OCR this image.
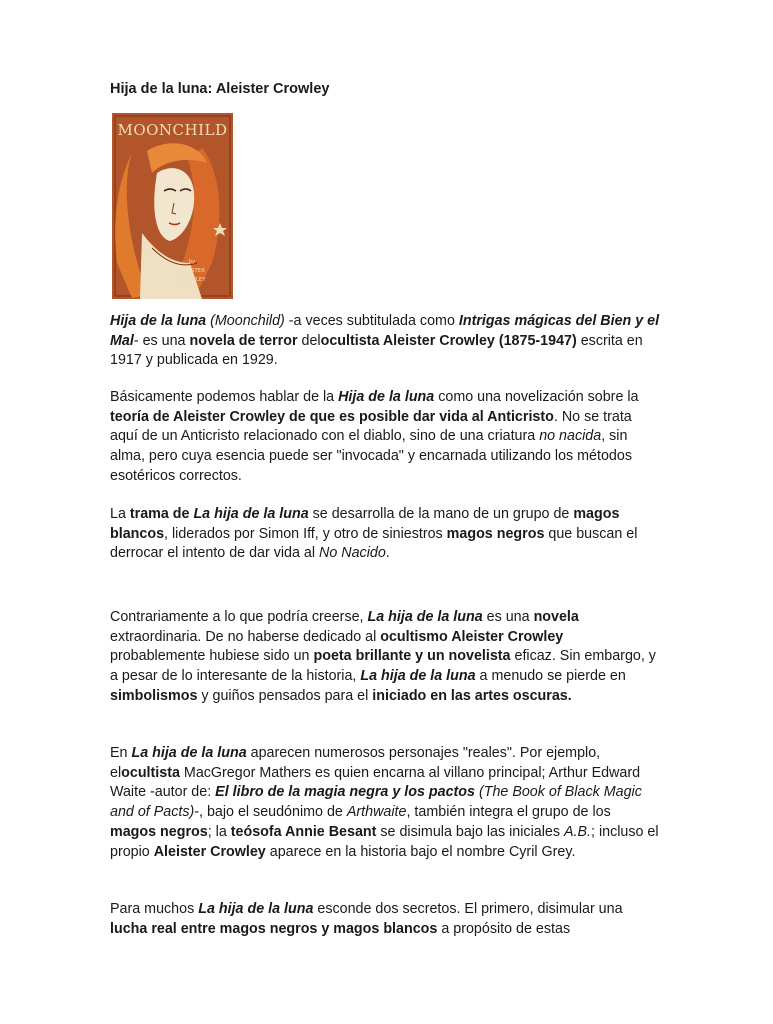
Hija de la luna: Aleister Crowley
MOONCHILD
by
ALEISTER
CROWLEY

Hija de la luna (Moonchild) -a veces subtitulada como Intrigas mágicas del Bien y el Mal- es una novela de terror delocultista Aleister Crowley (1875-1947) escrita en 1917 y publicada en 1929.

Básicamente podemos hablar de la Hija de la luna como una novelización sobre la teoría de Aleister Crowley de que es posible dar vida al Anticristo. No se trata aquí de un Anticristo relacionado con el diablo, sino de una criatura no nacida, sin alma, pero cuya esencia puede ser "invocada" y encarnada utilizando los métodos esotéricos correctos.

La trama de La hija de la luna se desarrolla de la mano de un grupo de magos blancos, liderados por Simon Iff, y otro de siniestros magos negros que buscan el derrocar el intento de dar vida al No Nacido.

Contrariamente a lo que podría creerse, La hija de la luna es una novela extraordinaria. De no haberse dedicado al ocultismo Aleister Crowley probablemente hubiese sido un poeta brillante y un novelista eficaz. Sin embargo, y a pesar de lo interesante de la historia, La hija de la luna a menudo se pierde en simbolismos y guiños pensados para el iniciado en las artes oscuras.

En La hija de la luna aparecen numerosos personajes "reales". Por ejemplo, elocultista MacGregor Mathers es quien encarna al villano principal; Arthur Edward Waite -autor de: El libro de la magia negra y los pactos (The Book of Black Magic and of Pacts)-, bajo el seudónimo de Arthwaite, también integra el grupo de los magos negros; la teósofa Annie Besant se disimula bajo las iniciales A.B.; incluso el propio Aleister Crowley aparece en la historia bajo el nombre Cyril Grey.

Para muchos La hija de la luna esconde dos secretos. El primero, disimular una lucha real entre magos negros y magos blancos a propósito de estas
